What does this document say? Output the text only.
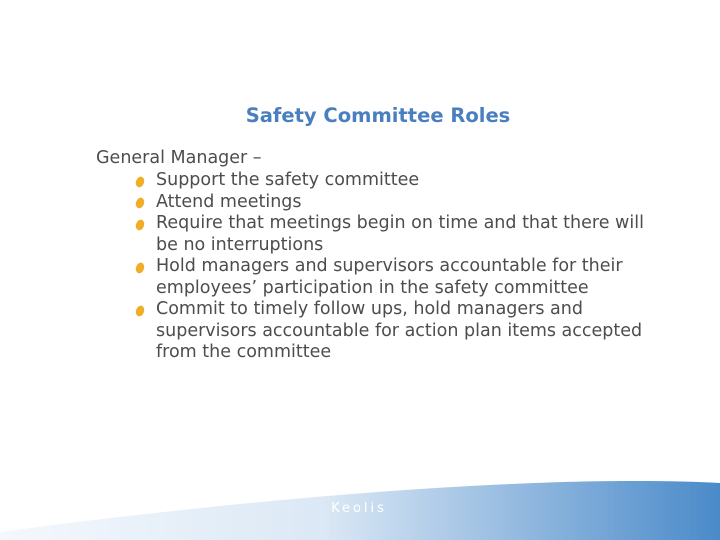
Safety Committee Roles

General Manager –

Support the safety committee
Attend meetings
Require that meetings begin on time and that there will be no interruptions
Hold managers and supervisors accountable for their employees’ participation in the safety committee
Commit to timely follow ups, hold managers and supervisors accountable for action plan items accepted from the committee
Keolis
